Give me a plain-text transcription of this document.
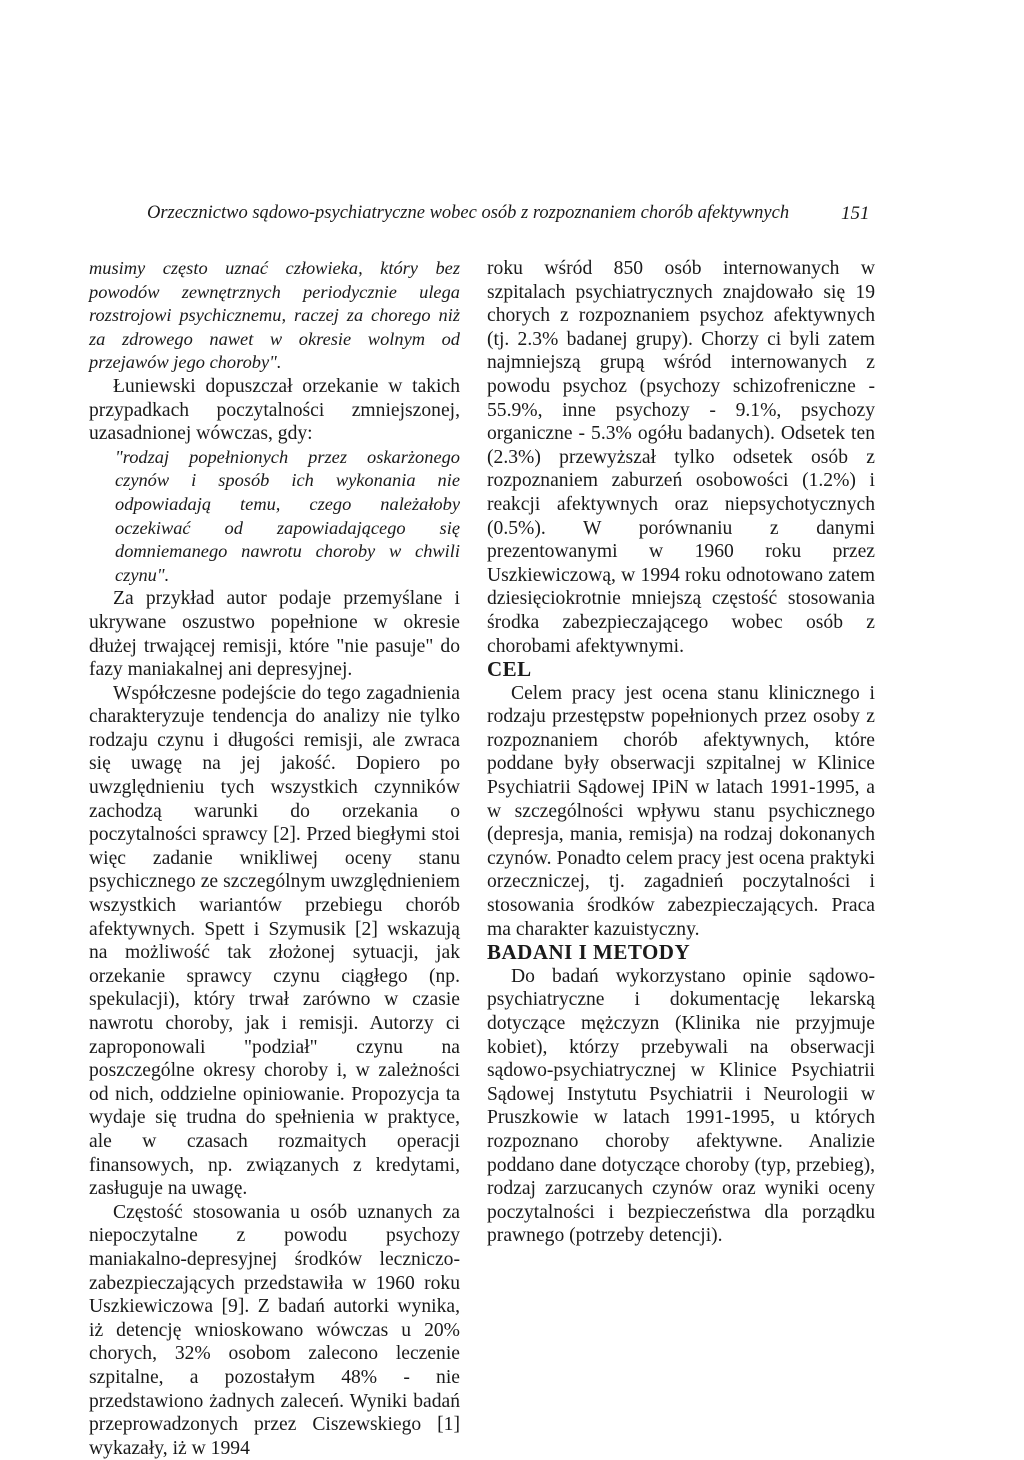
Orzecznictwo sądowo-psychiatryczne wobec osób z rozpoznaniem chorób afektywnych	151

musimy często uznać człowieka, który bez powodów zewnętrznych periodycznie ulega rozstrojowi psychicznemu, raczej za chorego niż za zdrowego nawet w okresie wolnym od przejawów jego choroby".

Łuniewski dopuszczał orzekanie w takich przypadkach poczytalności zmniejszonej, uzasadnionej wówczas, gdy:

"rodzaj popełnionych przez oskarżonego czynów i sposób ich wykonania nie odpowiadają temu, czego należałoby oczekiwać od zapowiadającego się domniemanego nawrotu choroby w chwili czynu".

Za przykład autor podaje przemyślane i ukrywane oszustwo popełnione w okresie dłużej trwającej remisji, które "nie pasuje" do fazy maniakalnej ani depresyjnej.

Współczesne podejście do tego zagadnienia charakteryzuje tendencja do analizy nie tylko rodzaju czynu i długości remisji, ale zwraca się uwagę na jej jakość. Dopiero po uwzględnieniu tych wszystkich czynników zachodzą warunki do orzekania o poczytalności sprawcy [2]. Przed biegłymi stoi więc zadanie wnikliwej oceny stanu psychicznego ze szczególnym uwzględnieniem wszystkich wariantów przebiegu chorób afektywnych. Spett i Szymusik [2] wskazują na możliwość tak złożonej sytuacji, jak orzekanie sprawcy czynu ciągłego (np. spekulacji), który trwał zarówno w czasie nawrotu choroby, jak i remisji. Autorzy ci zaproponowali "podział" czynu na poszczególne okresy choroby i, w zależności od nich, oddzielne opiniowanie. Propozycja ta wydaje się trudna do spełnienia w praktyce, ale w czasach rozmaitych operacji finansowych, np. związanych z kredytami, zasługuje na uwagę.

Częstość stosowania u osób uznanych za niepoczytalne z powodu psychozy maniakalno-depresyjnej środków leczniczo-zabezpieczających przedstawiła w 1960 roku Uszkiewiczowa [9]. Z badań autorki wynika, iż detencję wnioskowano wówczas u 20% chorych, 32% osobom zalecono leczenie szpitalne, a pozostałym 48% - nie przedstawiono żadnych zaleceń. Wyniki badań przeprowadzonych przez Ciszewskiego [1] wykazały, iż w 1994

roku wśród 850 osób internowanych w szpitalach psychiatrycznych znajdowało się 19 chorych z rozpoznaniem psychoz afektywnych (tj. 2.3% badanej grupy). Chorzy ci byli zatem najmniejszą grupą wśród internowanych z powodu psychoz (psychozy schizofreniczne - 55.9%, inne psychozy - 9.1%, psychozy organiczne - 5.3% ogółu badanych). Odsetek ten (2.3%) przewyższał tylko odsetek osób z rozpoznaniem zaburzeń osobowości (1.2%) i reakcji afektywnych oraz niepsychotycznych (0.5%). W porównaniu z danymi prezentowanymi w 1960 roku przez Uszkiewiczową, w 1994 roku odnotowano zatem dziesięciokrotnie mniejszą częstość stosowania środka zabezpieczającego wobec osób z chorobami afektywnymi.

CEL

Celem pracy jest ocena stanu klinicznego i rodzaju przestępstw popełnionych przez osoby z rozpoznaniem chorób afektywnych, które poddane były obserwacji szpitalnej w Klinice Psychiatrii Sądowej IPiN w latach 1991-1995, a w szczególności wpływu stanu psychicznego (depresja, mania, remisja) na rodzaj dokonanych czynów. Ponadto celem pracy jest ocena praktyki orzeczniczej, tj. zagadnień poczytalności i stosowania środków zabezpieczających. Praca ma charakter kazuistyczny.

BADANI I METODY

Do badań wykorzystano opinie sądowo-psychiatryczne i dokumentację lekarską dotyczące mężczyzn (Klinika nie przyjmuje kobiet), którzy przebywali na obserwacji sądowo-psychiatrycznej w Klinice Psychiatrii Sądowej Instytutu Psychiatrii i Neurologii w Pruszkowie w latach 1991-1995, u których rozpoznano choroby afektywne. Analizie poddano dane dotyczące choroby (typ, przebieg), rodzaj zarzucanych czynów oraz wyniki oceny poczytalności i bezpieczeństwa dla porządku prawnego (potrzeby detencji).
